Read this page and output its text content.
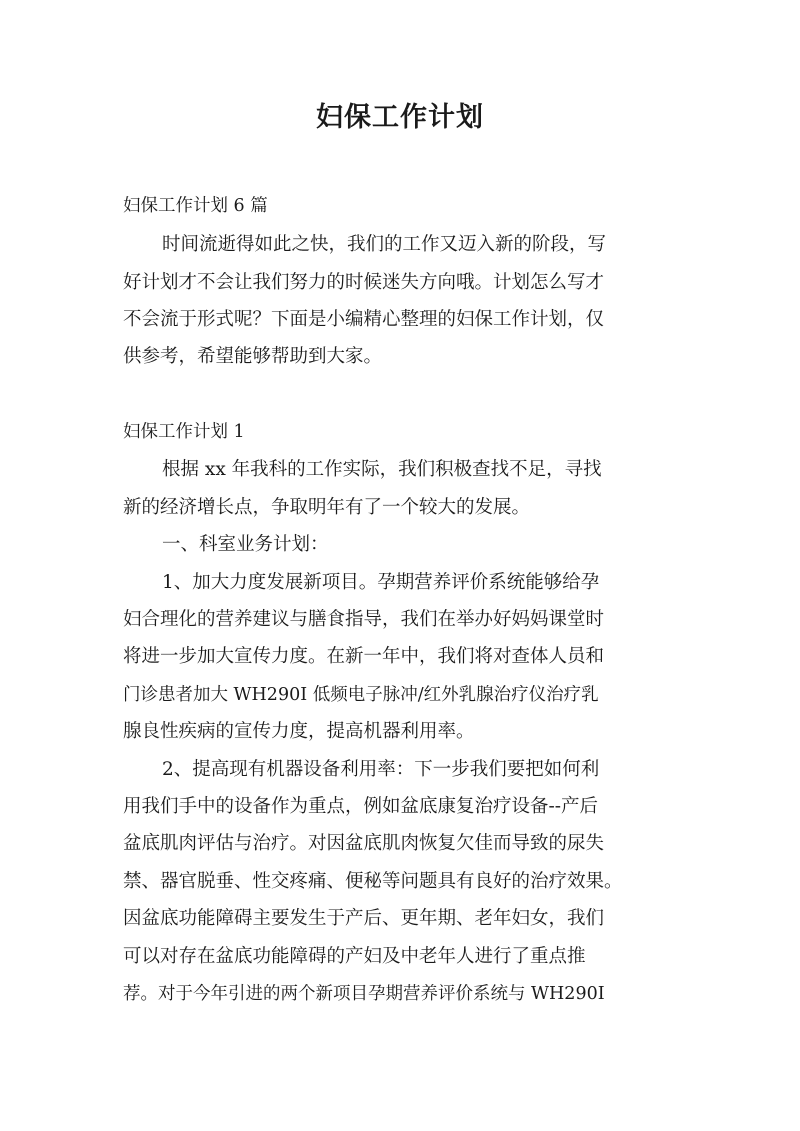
妇保工作计划

妇保工作计划 6 篇

时间流逝得如此之快，我们的工作又迈入新的阶段，写

好计划才不会让我们努力的时候迷失方向哦。计划怎么写才

不会流于形式呢？下面是小编精心整理的妇保工作计划，仅

供参考，希望能够帮助到大家。

妇保工作计划 1

根据 xx 年我科的工作实际，我们积极查找不足，寻找

新的经济增长点，争取明年有了一个较大的发展。

一、科室业务计划：

1、加大力度发展新项目。孕期营养评价系统能够给孕

妇合理化的营养建议与膳食指导，我们在举办好妈妈课堂时

将进一步加大宣传力度。在新一年中，我们将对查体人员和

门诊患者加大 WH290I 低频电子脉冲/红外乳腺治疗仪治疗乳

腺良性疾病的宣传力度，提高机器利用率。

2、提高现有机器设备利用率：下一步我们要把如何利

用我们手中的设备作为重点，例如盆底康复治疗设备--产后

盆底肌肉评估与治疗。对因盆底肌肉恢复欠佳而导致的尿失

禁、器官脱垂、性交疼痛、便秘等问题具有良好的治疗效果。

因盆底功能障碍主要发生于产后、更年期、老年妇女，我们

可以对存在盆底功能障碍的产妇及中老年人进行了重点推

荐。对于今年引进的两个新项目孕期营养评价系统与 WH290I
